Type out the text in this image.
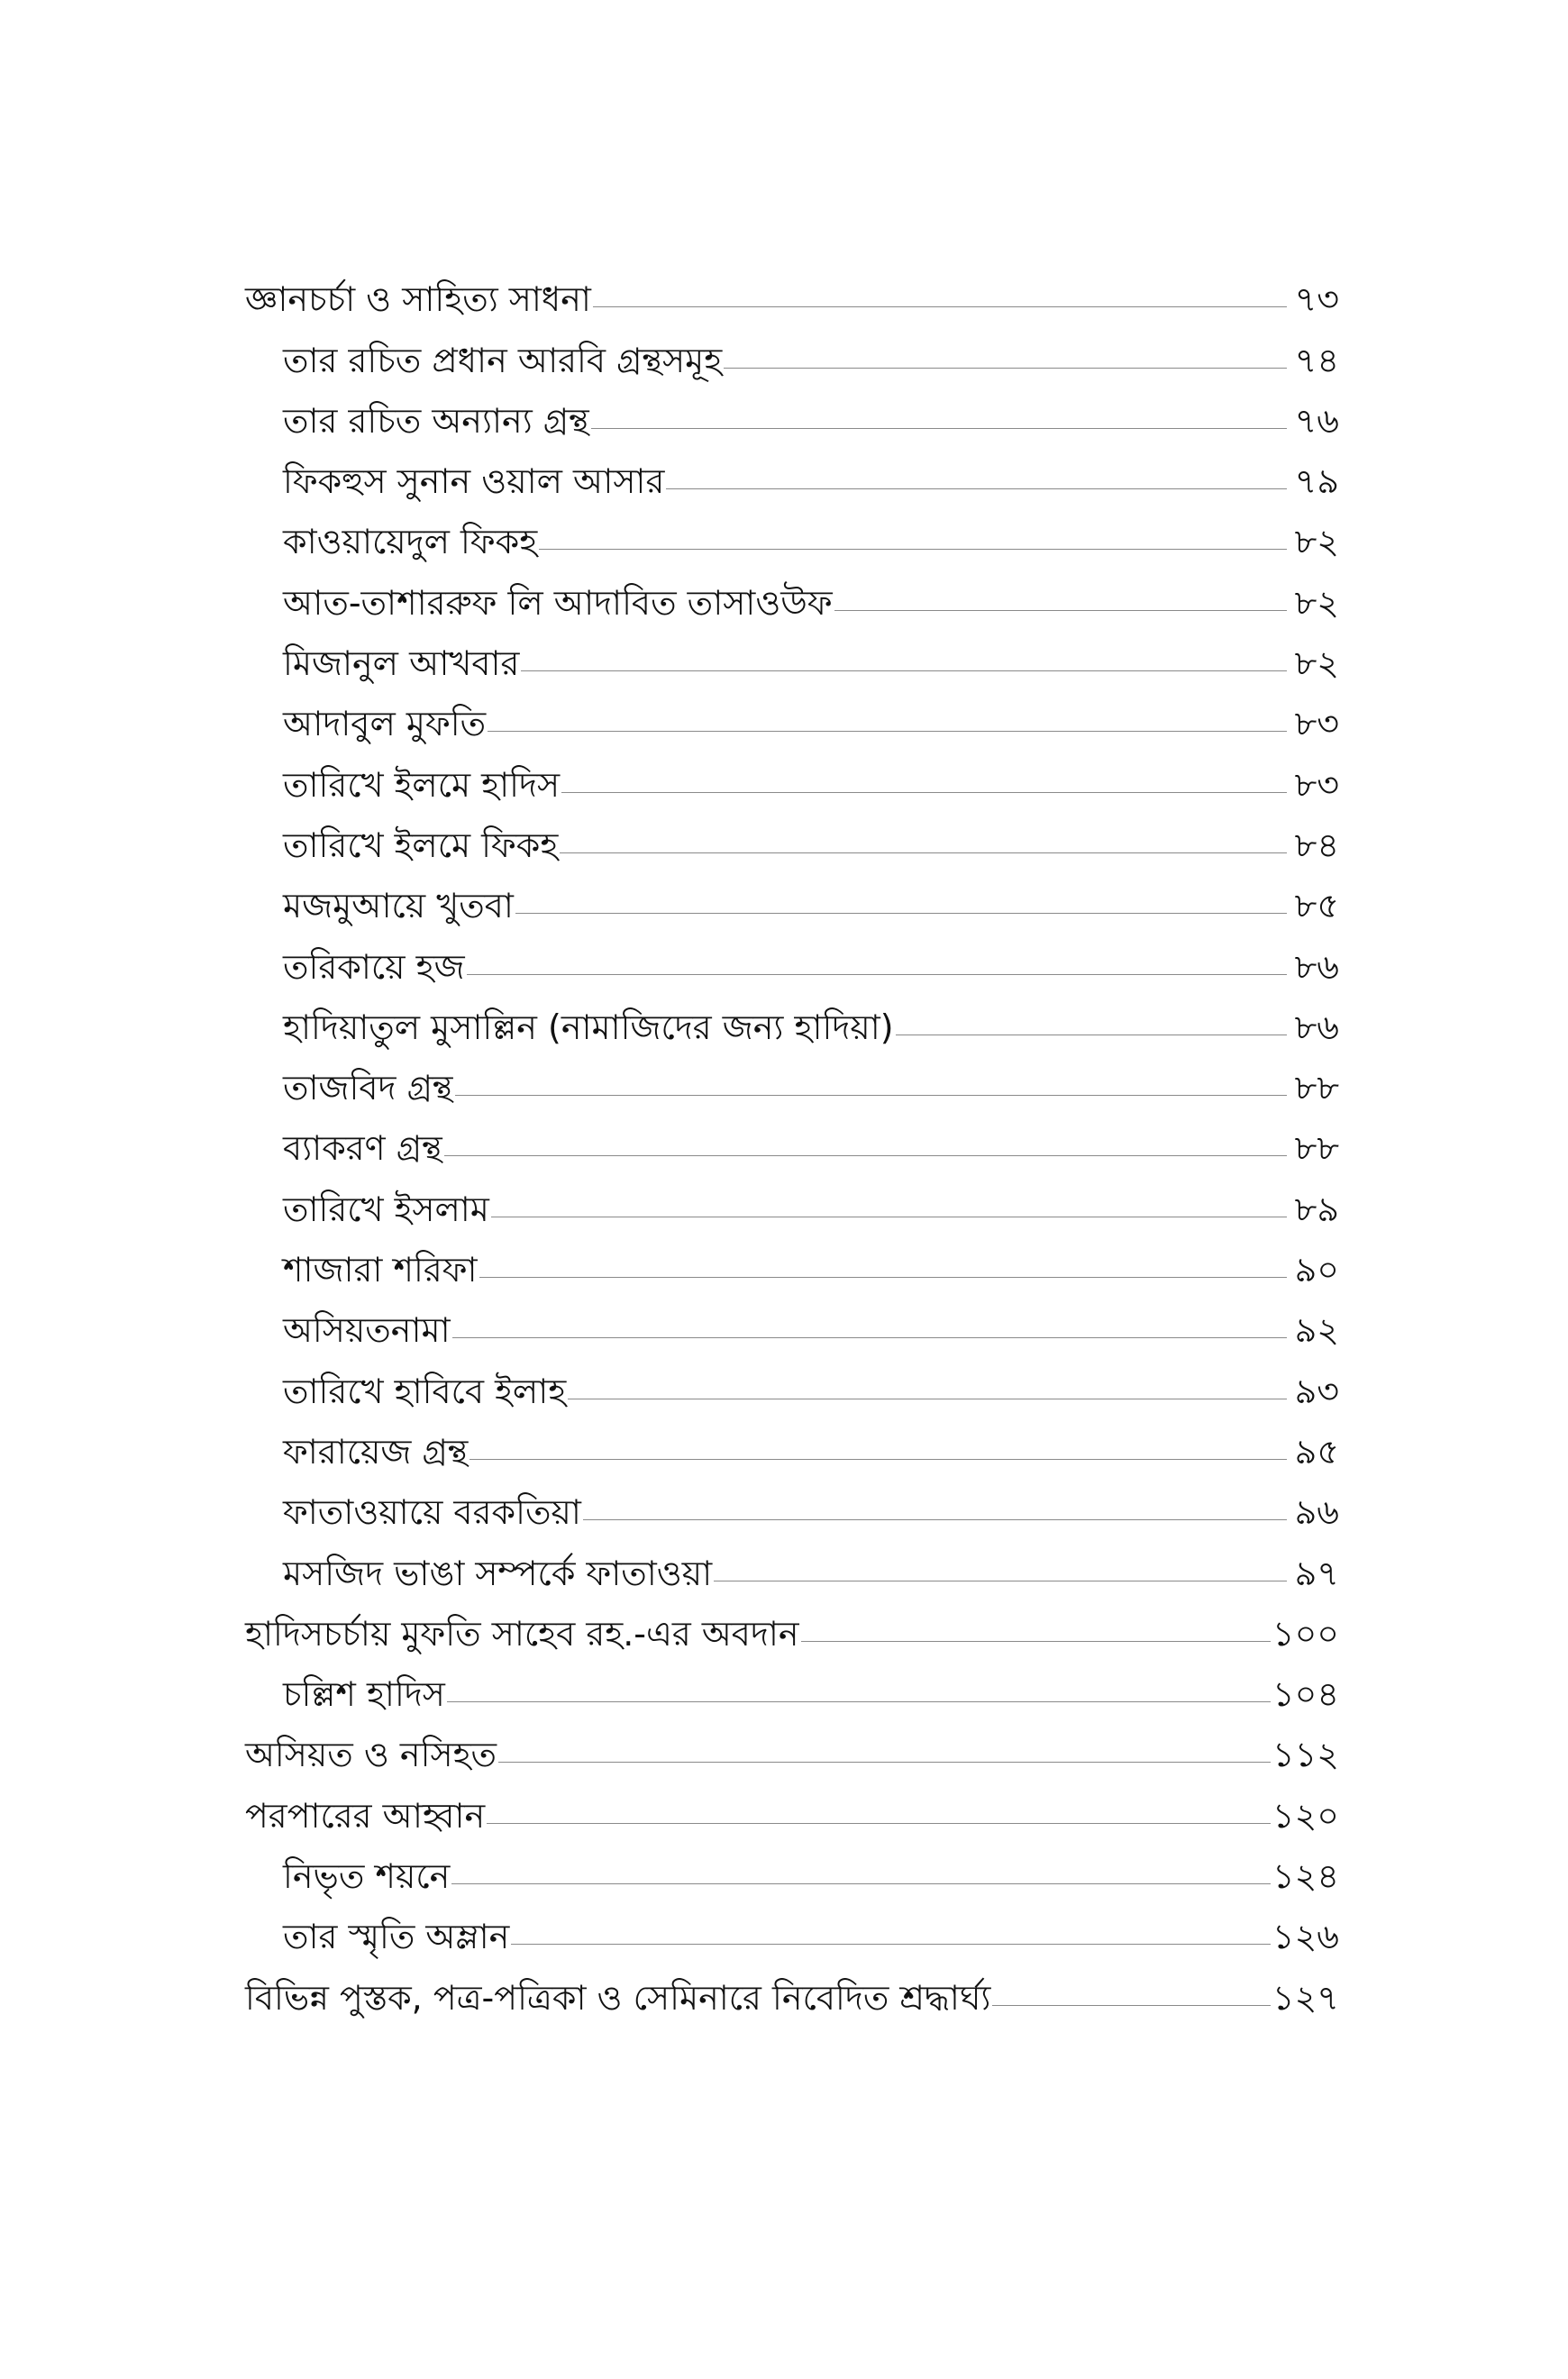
জ্ঞানচর্চা ও সাহিত্য সাধনা	৭৩
তার রচিত প্রধান আরবি গ্রন্থসমূহ	৭৪
তার রচিত অন্যান্য গ্রন্থ	৭৬
ফিকহুস সুনান ওয়াল আসার	৭৯
কাওয়ায়েদুল ফিকহ	৮২
আত-তাশাররুফ লি আদাবিত তাসাওউফ	৮২
মিজানুল আখবার	৮২
আদাবুল মুফতি	৮৩
তারিখে ইলমে হাদিস	৮৩
তারিখে ইলমে ফিকহ	৮৪
মজমুআয়ে খুতবা	৮৫
তরিকায়ে হজ	৮৬
হাদিয়াতুল মুসাল্লিন (নামাজিদের জন্য হাদিয়া)	৮৬
তাজবিদ গ্রন্থ	৮৮
ব্যাকরণ গ্রন্থ	৮৮
তারিখে ইসলাম	৮৯
শাজারা শরিফা	৯০
অসিয়তনামা	৯২
তারিখে হাবিবে ইলাহ	৯৩
ফারায়েজ গ্রন্থ	৯৫
ফাতাওয়ায়ে বরকতিয়া	৯৬
মসজিদ ভাঙা সম্পর্কে ফাতাওয়া	৯৭
হাদিসচর্চায় মুফতি সাহেব রহ.-এর অবদান	১০০
চল্লিশ হাদিস	১০৪
অসিয়ত ও নসিহত	১১২
পরপারের আহ্বান	১২০
নিভৃত শয়নে	১২৪
তার স্মৃতি অম্লান	১২৬
বিভিন্ন পুস্তক, পত্র-পত্রিকা ও সেমিনারে নিবেদিত শ্রদ্ধার্ঘ্য	১২৭
